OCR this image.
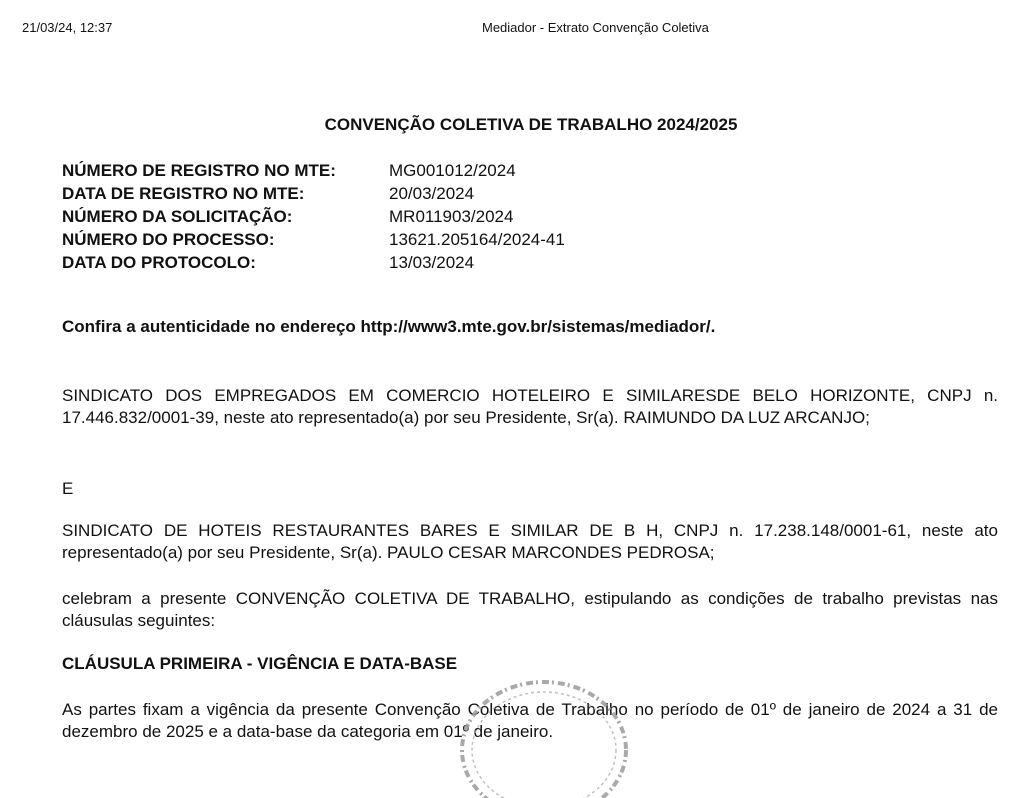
21/03/24, 12:37	Mediador - Extrato Convenção Coletiva
CONVENÇÃO COLETIVA DE TRABALHO 2024/2025
NÚMERO DE REGISTRO NO MTE:	MG001012/2024
DATA DE REGISTRO NO MTE:	20/03/2024
NÚMERO DA SOLICITAÇÃO:	MR011903/2024
NÚMERO DO PROCESSO:	13621.205164/2024-41
DATA DO PROTOCOLO:	13/03/2024
Confira a autenticidade no endereço http://www3.mte.gov.br/sistemas/mediador/.
SINDICATO DOS EMPREGADOS EM COMERCIO HOTELEIRO E SIMILARESDE BELO HORIZONTE, CNPJ n. 17.446.832/0001-39, neste ato representado(a) por seu Presidente, Sr(a). RAIMUNDO DA LUZ ARCANJO;
E
SINDICATO DE HOTEIS RESTAURANTES BARES E SIMILAR DE B H, CNPJ n. 17.238.148/0001-61, neste ato representado(a) por seu Presidente, Sr(a). PAULO CESAR MARCONDES PEDROSA;
celebram a presente CONVENÇÃO COLETIVA DE TRABALHO, estipulando as condições de trabalho previstas nas cláusulas seguintes:
CLÁUSULA PRIMEIRA - VIGÊNCIA E DATA-BASE
As partes fixam a vigência da presente Convenção Coletiva de Trabalho no período de 01º de janeiro de 2024 a 31 de dezembro de 2025 e a data-base da categoria em 01º de janeiro.
